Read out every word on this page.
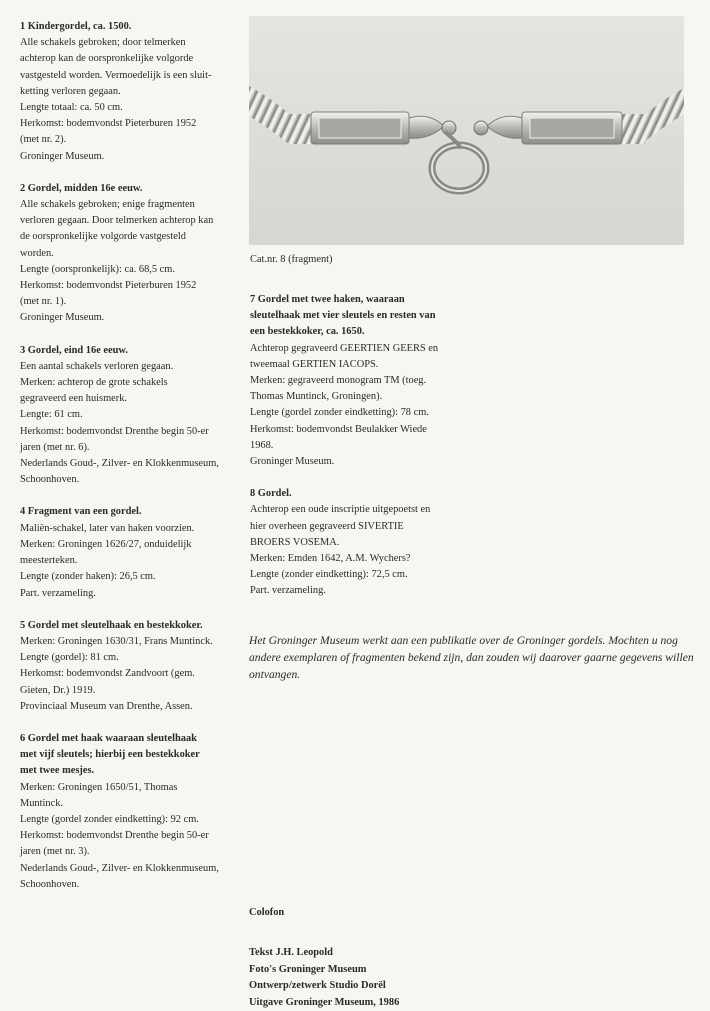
1 Kindergordel, ca. 1500.

Alle schakels gebroken; door telmerken

achterop kan de oorspronkelijke volgorde

vastgesteld worden. Vermoedelijk is een sluit-

ketting verloren gegaan.

Lengte totaal: ca. 50 cm.

Herkomst: bodemvondst Pieterburen 1952

(met nr. 2).

Groninger Museum.

2 Gordel, midden 16e eeuw.

Alle schakels gebroken; enige fragmenten

verloren gegaan. Door telmerken achterop kan

de oorspronkelijke volgorde vastgesteld

worden.

Lengte (oorspronkelijk): ca. 68,5 cm.

Herkomst: bodemvondst Pieterburen 1952

(met nr. 1).

Groninger Museum.

3 Gordel, eind 16e eeuw.

Een aantal schakels verloren gegaan.

Merken: achterop de grote schakels

gegraveerd een huismerk.

Lengte: 61 cm.

Herkomst: bodemvondst Drenthe begin 50-er

jaren (met nr. 6).

Nederlands Goud-, Zilver- en Klokkenmuseum,

Schoonhoven.

4 Fragment van een gordel.

Maliën-schakel, later van haken voorzien.

Merken: Groningen 1626/27, onduidelijk

meesterteken.

Lengte (zonder haken): 26,5 cm.

Part. verzameling.

5 Gordel met sleutelhaak en bestekkoker.

Merken: Groningen 1630/31, Frans Muntinck.

Lengte (gordel): 81 cm.

Herkomst: bodemvondst Zandvoort (gem.

Gieten, Dr.) 1919.

Provinciaal Museum van Drenthe, Assen.

6 Gordel met haak waaraan sleutelhaak

met vijf sleutels; hierbij een bestekkoker

met twee mesjes.

Merken: Groningen 1650/51, Thomas

Muntinck.

Lengte (gordel zonder eindketting): 92 cm.

Herkomst: bodemvondst Drenthe begin 50-er

jaren (met nr. 3).

Nederlands Goud-, Zilver- en Klokkenmuseum,

Schoonhoven.

Cat.nr. 8 (fragment)

7 Gordel met twee haken, waaraan

sleutelhaak met vier sleutels en resten van

een bestekkoker, ca. 1650.

Achterop gegraveerd GEERTIEN GEERS en

tweemaal GERTIEN IACOPS.

Merken: gegraveerd monogram TM (toeg.

Thomas Muntinck, Groningen).

Lengte (gordel zonder eindketting): 78 cm.

Herkomst: bodemvondst Beulakker Wiede

1968.

Groninger Museum.

8 Gordel.

Achterop een oude inscriptie uitgepoetst en

hier overheen gegraveerd SIVERTIE

BROERS VOSEMA.

Merken: Emden 1642, A.M. Wychers?

Lengte (zonder eindketting): 72,5 cm.

Part. verzameling.

Het Groninger Museum werkt aan een publikatie over de Groninger gordels. Mochten u nog andere exemplaren of fragmenten bekend zijn, dan zouden wij daarover gaarne gegevens willen ontvangen.

Colofon

Tekst J.H. Leopold

Foto's Groninger Museum

Ontwerp/zetwerk Studio Dorël

Uitgave Groninger Museum, 1986
